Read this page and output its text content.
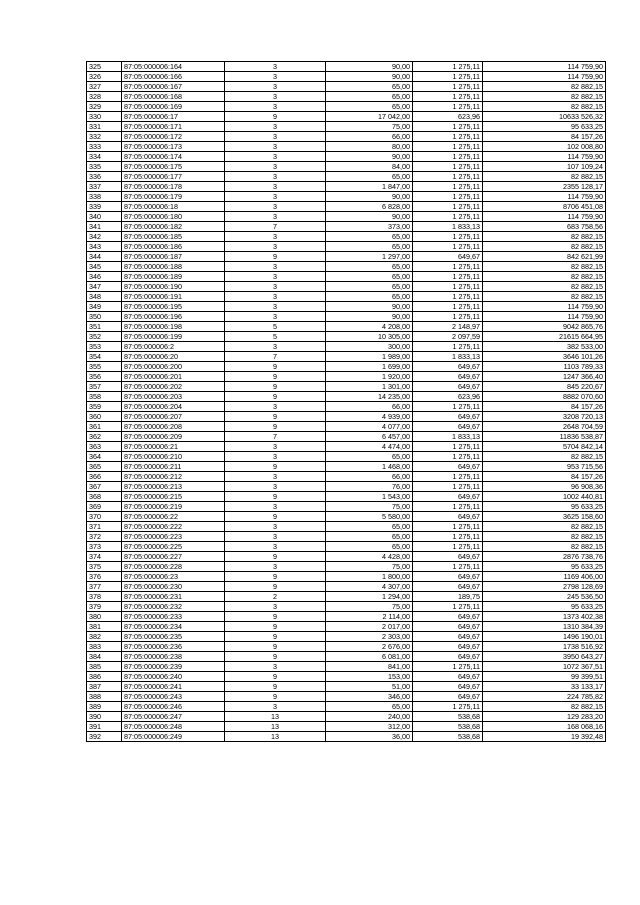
325	87:05:000006:164	3	90,00	1 275,11	114 759,90
326	87:05:000006:166	3	90,00	1 275,11	114 759,90
327	87:05:000006:167	3	65,00	1 275,11	82 882,15
328	87:05:000006:168	3	65,00	1 275,11	82 882,15
329	87:05:000006:169	3	65,00	1 275,11	82 882,15
330	87:05:000006:17	9	17 042,00	623,96	10633 526,32
331	87:05:000006:171	3	75,00	1 275,11	95 633,25
332	87:05:000006:172	3	66,00	1 275,11	84 157,26
333	87:05:000006:173	3	80,00	1 275,11	102 008,80
334	87:05:000006:174	3	90,00	1 275,11	114 759,90
335	87:05:000006:175	3	84,00	1 275,11	107 109,24
336	87:05:000006:177	3	65,00	1 275,11	82 882,15
337	87:05:000006:178	3	1 847,00	1 275,11	2355 128,17
338	87:05:000006:179	3	90,00	1 275,11	114 759,90
339	87:05:000006:18	3	6 828,00	1 275,11	8706 451,08
340	87:05:000006:180	3	90,00	1 275,11	114 759,90
341	87:05:000006:182	7	373,00	1 833,13	683 758,56
342	87:05:000006:185	3	65,00	1 275,11	82 882,15
343	87:05:000006:186	3	65,00	1 275,11	82 882,15
344	87:05:000006:187	9	1 297,00	649,67	842 621,99
345	87:05:000006:188	3	65,00	1 275,11	82 882,15
346	87:05:000006:189	3	65,00	1 275,11	82 882,15
347	87:05:000006:190	3	65,00	1 275,11	82 882,15
348	87:05:000006:191	3	65,00	1 275,11	82 882,15
349	87:05:000006:195	3	90,00	1 275,11	114 759,90
350	87:05:000006:196	3	90,00	1 275,11	114 759,90
351	87:05:000006:198	5	4 208,00	2 148,97	9042 865,76
352	87:05:000006:199	5	10 305,00	2 097,59	21615 664,95
353	87:05:000006:2	3	300,00	1 275,11	382 533,00
354	87:05:000006:20	7	1 989,00	1 833,13	3646 101,26
355	87:05:000006:200	9	1 699,00	649,67	1103 789,33
356	87:05:000006:201	9	1 920,00	649,67	1247 366,40
357	87:05:000006:202	9	1 301,00	649,67	845 220,67
358	87:05:000006:203	9	14 235,00	623,96	8882 070,60
359	87:05:000006:204	3	66,00	1 275,11	84 157,26
360	87:05:000006:207	9	4 939,00	649,67	3208 720,13
361	87:05:000006:208	9	4 077,00	649,67	2648 704,59
362	87:05:000006:209	7	6 457,00	1 833,13	11836 538,87
363	87:05:000006:21	3	4 474,00	1 275,11	5704 842,14
364	87:05:000006:210	3	65,00	1 275,11	82 882,15
365	87:05:000006:211	9	1 468,00	649,67	953 715,56
366	87:05:000006:212	3	66,00	1 275,11	84 157,26
367	87:05:000006:213	3	76,00	1 275,11	96 908,36
368	87:05:000006:215	9	1 543,00	649,67	1002 440,81
369	87:05:000006:219	3	75,00	1 275,11	95 633,25
370	87:05:000006:22	9	5 580,00	649,67	3625 158,60
371	87:05:000006:222	3	65,00	1 275,11	82 882,15
372	87:05:000006:223	3	65,00	1 275,11	82 882,15
373	87:05:000006:225	3	65,00	1 275,11	82 882,15
374	87:05:000006:227	9	4 428,00	649,67	2876 738,76
375	87:05:000006:228	3	75,00	1 275,11	95 633,25
376	87:05:000006:23	9	1 800,00	649,67	1169 406,00
377	87:05:000006:230	9	4 307,00	649,67	2798 128,69
378	87:05:000006:231	2	1 294,00	189,75	245 536,50
379	87:05:000006:232	3	75,00	1 275,11	95 633,25
380	87:05:000006:233	9	2 114,00	649,67	1373 402,38
381	87:05:000006:234	9	2 017,00	649,67	1310 384,39
382	87:05:000006:235	9	2 303,00	649,67	1496 190,01
383	87:05:000006:236	9	2 676,00	649,67	1738 516,92
384	87:05:000006:238	9	6 081,00	649,67	3950 643,27
385	87:05:000006:239	3	841,00	1 275,11	1072 367,51
386	87:05:000006:240	9	153,00	649,67	99 399,51
387	87:05:000006:241	9	51,00	649,67	33 133,17
388	87:05:000006:243	9	346,00	649,67	224 785,82
389	87:05:000006:246	3	65,00	1 275,11	82 882,15
390	87:05:000006:247	13	240,00	538,68	129 283,20
391	87:05:000006:248	13	312,00	538,68	168 068,16
392	87:05:000006:249	13	36,00	538,68	19 392,48
